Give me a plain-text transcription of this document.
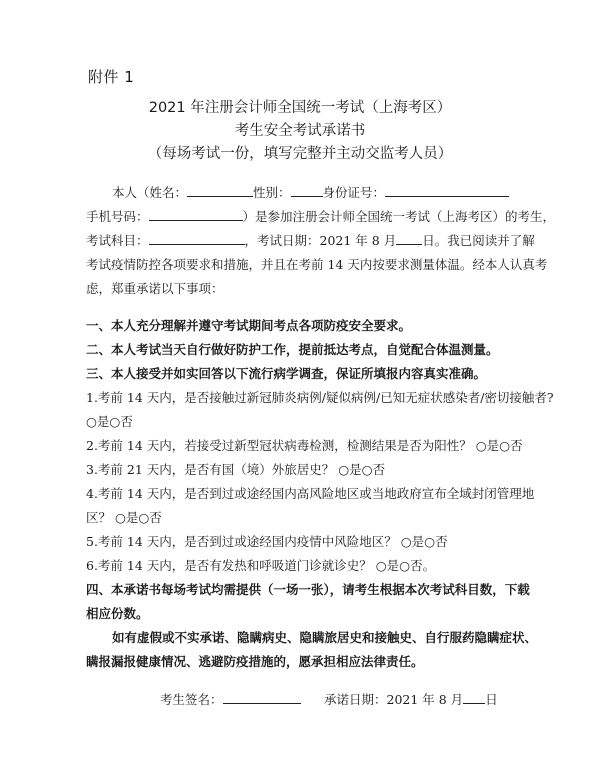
附件 1
2021 年注册会计师全国统一考试（上海考区）
考生安全考试承诺书
（每场考试一份，填写完整并主动交监考人员）
本人（姓名：	性别：	身份证号：
手机号码：	）是参加注册会计师全国统一考试（上海考区）的考生，
考试科目：	，考试日期：2021 年 8 月 日。我已阅读并了解
考试疫情防控各项要求和措施，并且在考前 14 天内按要求测量体温。经本人认真考
虑，郑重承诺以下事项：
一、本人充分理解并遵守考试期间考点各项防疫安全要求。
二、本人考试当天自行做好防护工作，提前抵达考点，自觉配合体温测量。
三、本人接受并如实回答以下流行病学调查，保证所填报内容真实准确。
1.考前 14 天内，是否接触过新冠肺炎病例/疑似病例/已知无症状感染者/密切接触者?
○是○否
2.考前 14 天内，若接受过新型冠状病毒检测，检测结果是否为阳性？ ○是○否
3.考前 21 天内，是否有国（境）外旅居史？ ○是○否
4.考前 14 天内，是否到过或途经国内高风险地区或当地政府宣布全域封闭管理地
区？ ○是○否
5.考前 14 天内，是否到过或途经国内疫情中风险地区？ ○是○否
6.考前 14 天内，是否有发热和呼吸道门诊就诊史？ ○是○否。
四、本承诺书每场考试均需提供（一场一张），请考生根据本次考试科目数，下载
相应份数。
如有虚假或不实承诺、隐瞒病史、隐瞒旅居史和接触史、自行服药隐瞒症状、
瞒报漏报健康情况、逃避防疫措施的，愿承担相应法律责任。
考生签名：	承诺日期：2021 年 8 月 日
